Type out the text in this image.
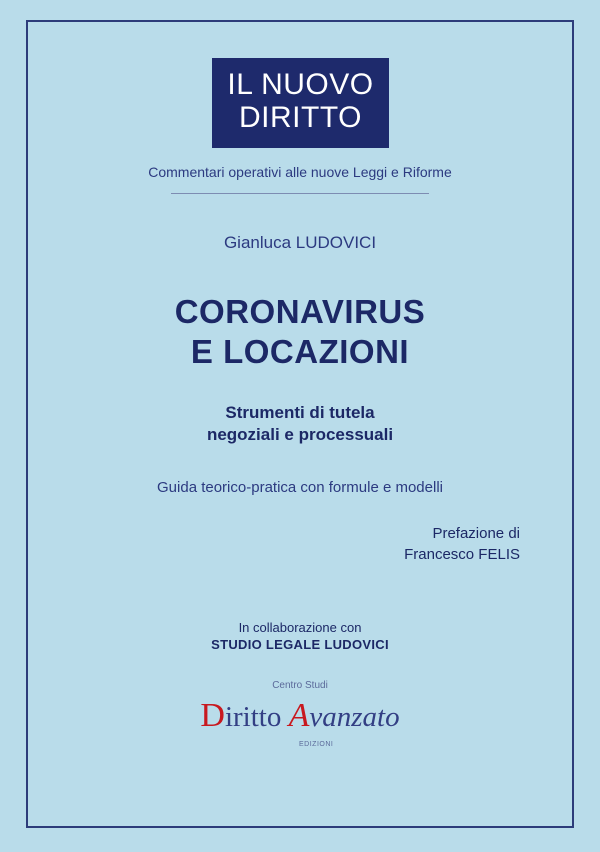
IL NUOVO
DIRITTO
Commentari operativi alle nuove Leggi e Riforme
Gianluca LUDOVICI
CORONAVIRUS
E LOCAZIONI
Strumenti di tutela
negoziali e processuali
Guida teorico-pratica con formule e modelli
Prefazione di
Francesco FELIS
In collaborazione con
STUDIO LEGALE LUDOVICI
Centro Studi
Diritto Avanzato
EDIZIONI
